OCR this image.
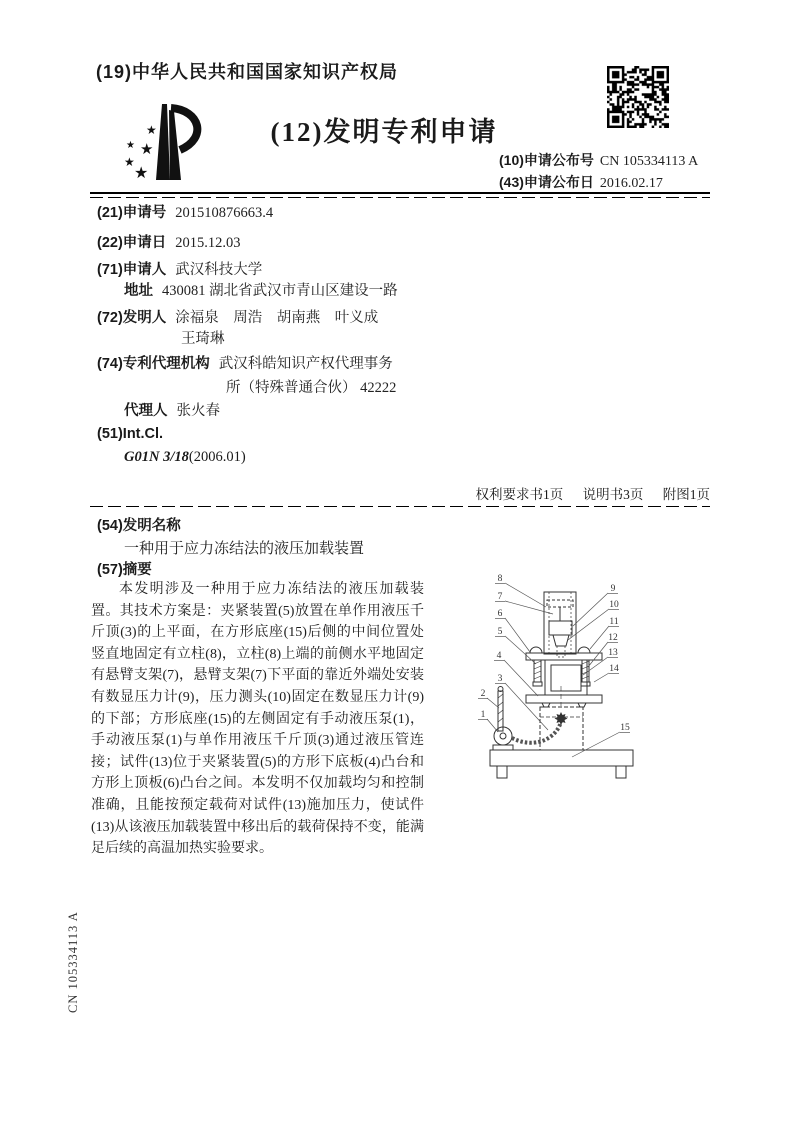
(19)中华人民共和国国家知识产权局
★
★ ★
★
★
(12)发明专利申请
(10)申请公布号 CN 105334113 A
(43)申请公布日 2016.02.17
(21)申请号 201510876663.4
(22)申请日 2015.12.03
(71)申请人 武汉科技大学
地址 430081 湖北省武汉市青山区建设一路
(72)发明人 涂福泉　周浩　胡南燕　叶义成
王琦琳
(74)专利代理机构 武汉科皓知识产权代理事务
所（特殊普通合伙） 42222
代理人 张火春
(51)Int.Cl.
G01N 3/18(2006.01)
权利要求书1页 说明书3页 附图1页
(54)发明名称
一种用于应力冻结法的液压加载装置
(57)摘要
本发明涉及一种用于应力冻结法的液压加载装置。其技术方案是：夹紧装置(5)放置在单作用液压千斤顶(3)的上平面，在方形底座(15)后侧的中间位置处竖直地固定有立柱(8)，立柱(8)上端的前侧水平地固定有悬臂支架(7)，悬臂支架(7)下平面的靠近外端处安装有数显压力计(9)，压力测头(10)固定在数显压力计(9)的下部；方形底座(15)的左侧固定有手动液压泵(1)，手动液压泵(1)与单作用液压千斤顶(3)通过液压管连接；试件(13)位于夹紧装置(5)的方形下底板(4)凸台和方形上顶板(6)凸台之间。本发明不仅加载均匀和控制准确，且能按预定载荷对试件(13)施加压力，使试件(13)从该液压加载装置中移出后的载荷保持不变，能满足后续的高温加热实验要求。
1
2
3
4
5
6
7
8
9
10
11
12
13
14
15
CN 105334113 A
